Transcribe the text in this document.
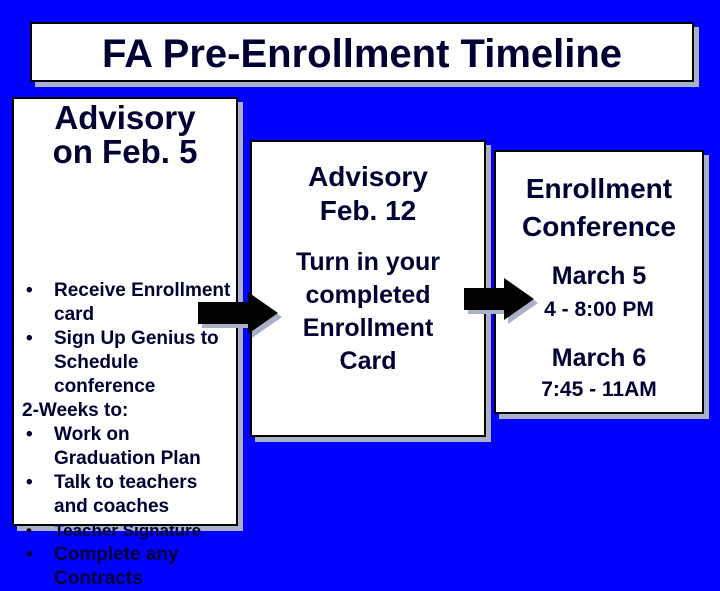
FA Pre-Enrollment Timeline
Advisory
on Feb. 5
• Receive Enrollment card
• Sign Up Genius to Schedule conference
2-Weeks to:
• Work on Graduation Plan
• Talk to teachers and coaches
• Teacher Signature
• Complete any Contracts
Advisory
Feb. 12
Turn in your
completed
Enrollment
Card
Enrollment
Conference
March 5
4 - 8:00 PM
March 6
7:45 - 11AM
